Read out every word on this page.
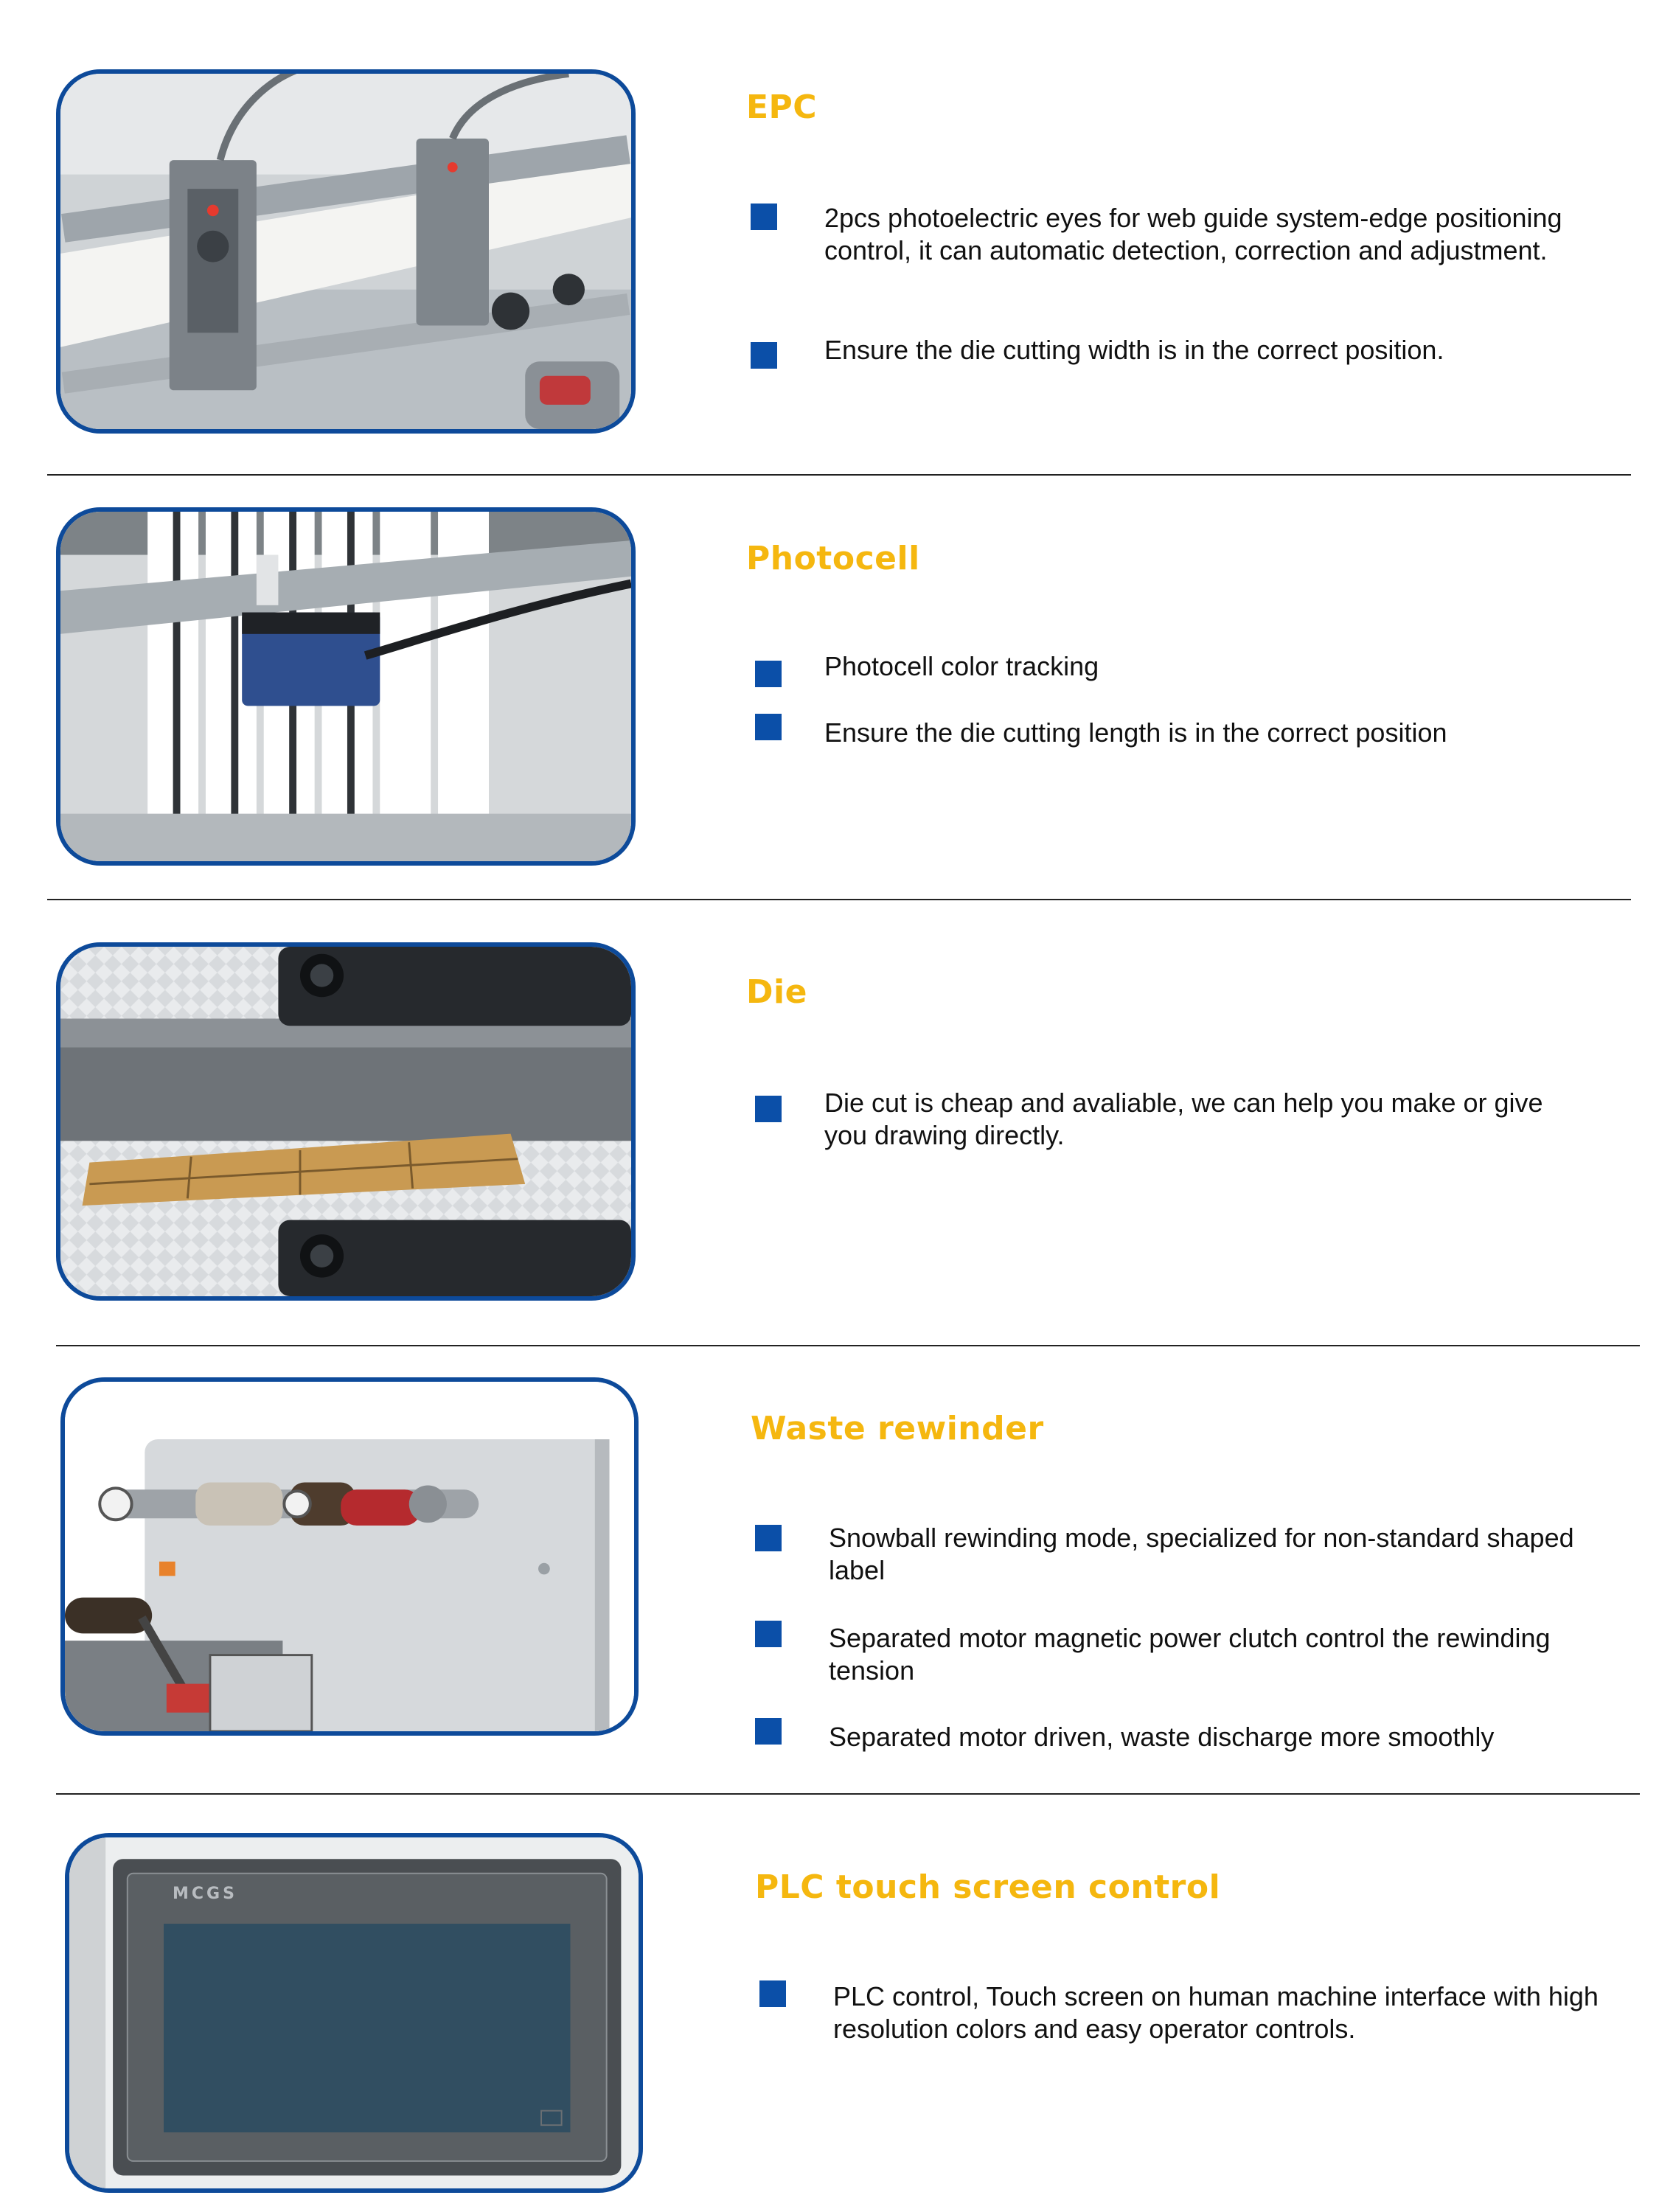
EPC
2pcs photoelectric eyes for web guide system-edge positioning control, it can automatic detection, correction and adjustment.
Ensure the die cutting width is in the correct position.
Photocell
Photocell color tracking
Ensure the die cutting length is in the correct position
Die
Die cut is cheap and avaliable, we can help you make or give you drawing directly.
Waste rewinder
Snowball rewinding mode, specialized for non-standard shaped label
Separated motor magnetic power clutch control the rewinding tension
Separated motor driven, waste discharge more smoothly
MCGS	PLC touch screen control
PLC control, Touch screen on human machine interface with high resolution colors and easy operator controls.
